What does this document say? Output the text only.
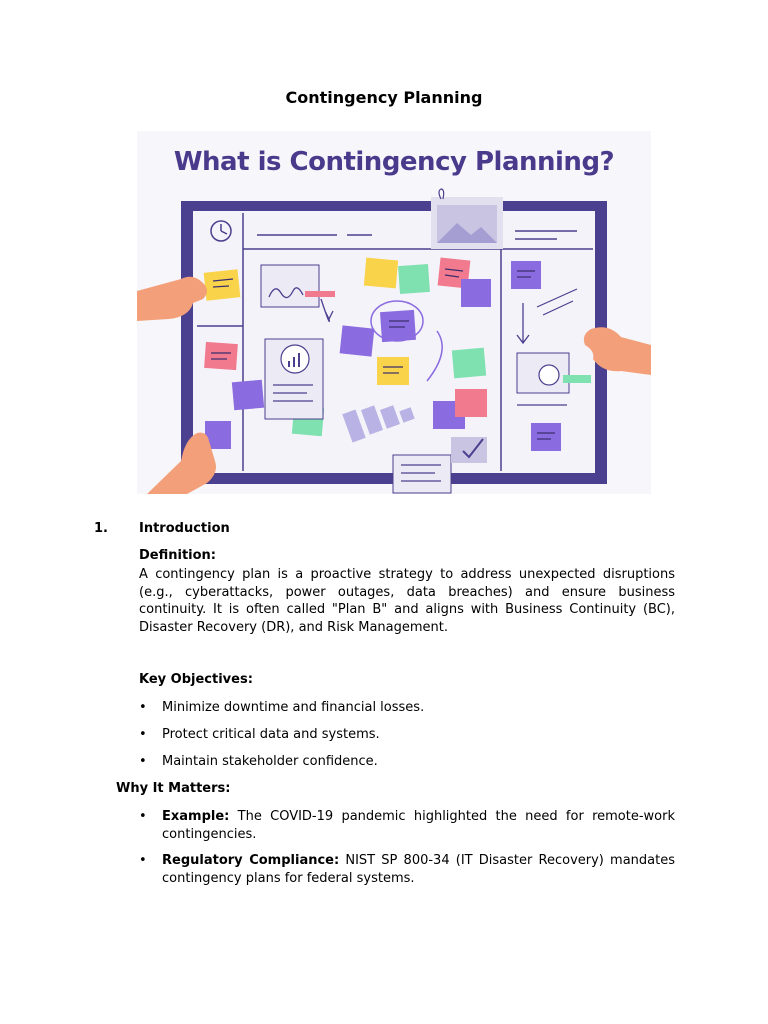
Contingency Planning
What is Contingency Planning?
1. Introduction
Definition:
A contingency plan is a proactive strategy to address unexpected disruptions (e.g., cyberattacks, power outages, data breaches) and ensure business continuity. It is often called "Plan B" and aligns with Business Continuity (BC), Disaster Recovery (DR), and Risk Management.
Key Objectives:
•	Minimize downtime and financial losses.
•	Protect critical data and systems.
•	Maintain stakeholder confidence.
Why It Matters:
•	Example: The COVID-19 pandemic highlighted the need for remote-work contingencies.
•	Regulatory Compliance: NIST SP 800-34 (IT Disaster Recovery) mandates contingency plans for federal systems.
